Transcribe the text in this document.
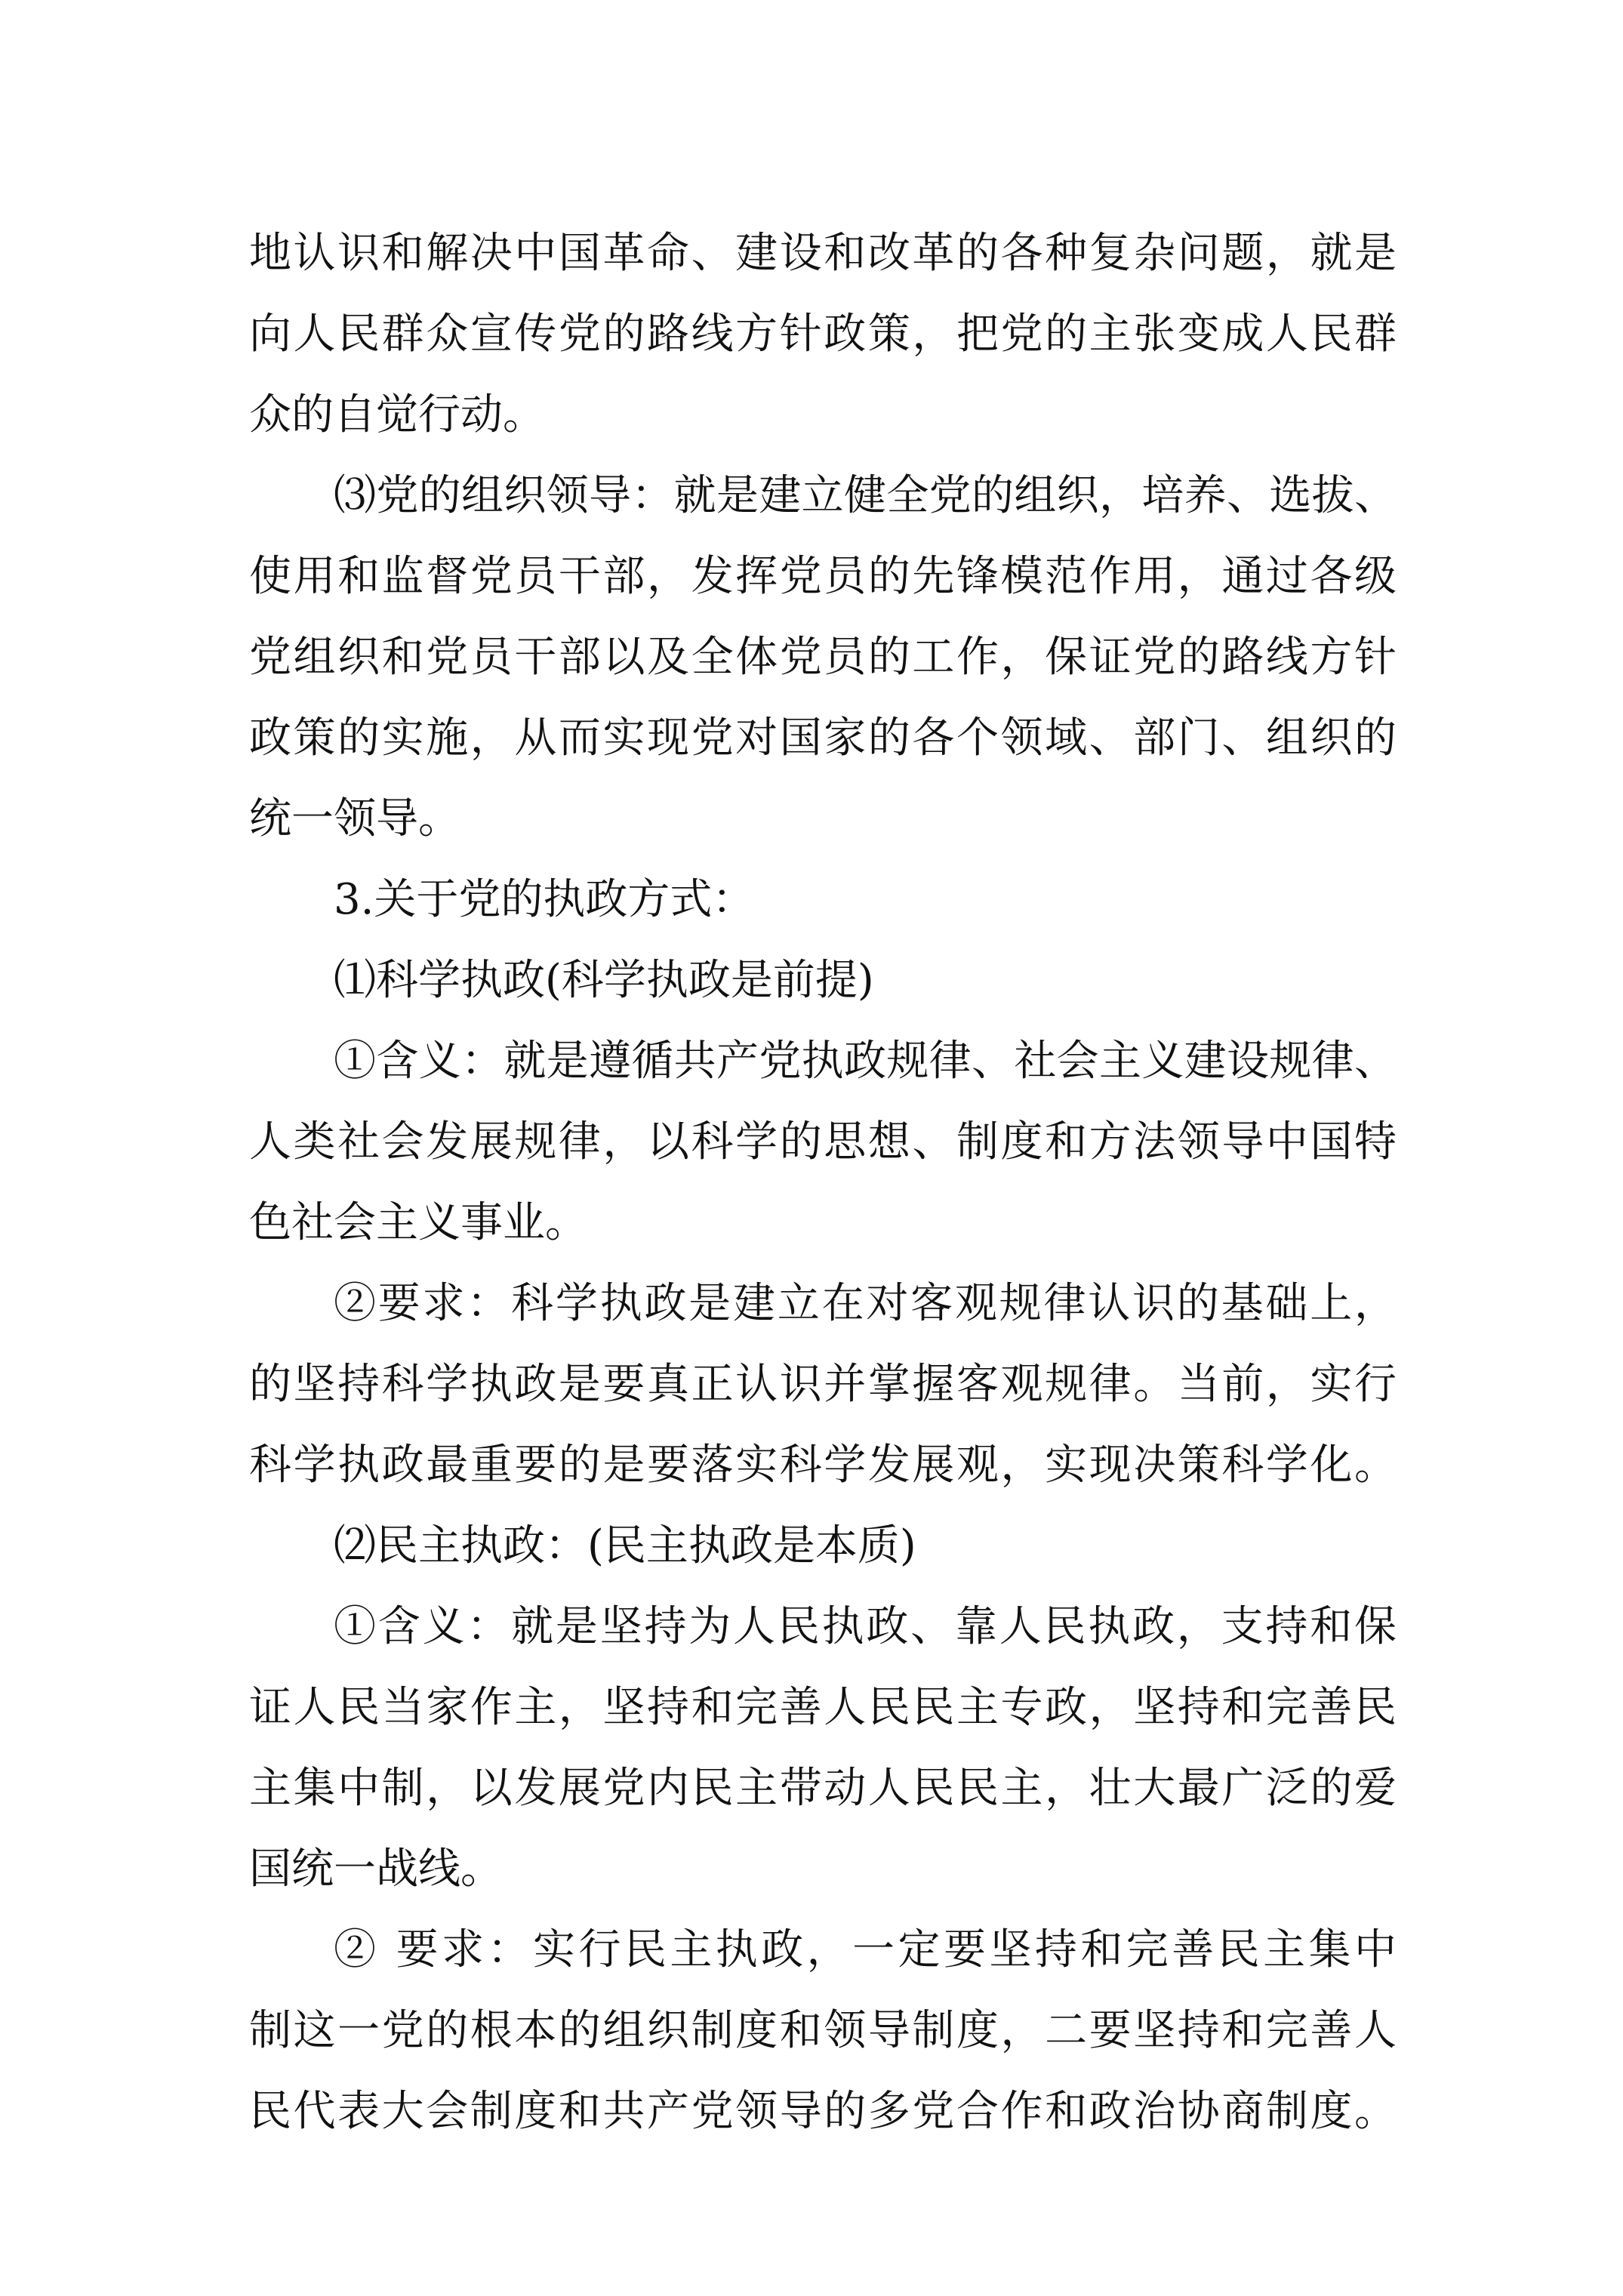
地认识和解决中国革命、建设和改革的各种复杂问题，就是
向人民群众宣传党的路线方针政策，把党的主张变成人民群
众的自觉行动。
⑶党的组织领导：就是建立健全党的组织，培养、选拔、
使用和监督党员干部，发挥党员的先锋模范作用，通过各级
党组织和党员干部以及全体党员的工作，保证党的路线方针
政策的实施，从而实现党对国家的各个领域、部门、组织的
统一领导。
3.关于党的执政方式：
⑴科学执政(科学执政是前提)
①含义：就是遵循共产党执政规律、社会主义建设规律、
人类社会发展规律，以科学的思想、制度和方法领导中国特
色社会主义事业。
②要求：科学执政是建立在对客观规律认识的基础上，
的坚持科学执政是要真正认识并掌握客观规律。当前，实行
科学执政最重要的是要落实科学发展观，实现决策科学化。
⑵民主执政：(民主执政是本质)
①含义：就是坚持为人民执政、靠人民执政，支持和保
证人民当家作主，坚持和完善人民民主专政，坚持和完善民
主集中制，以发展党内民主带动人民民主，壮大最广泛的爱
国统一战线。
② 要求：实行民主执政，一定要坚持和完善民主集中
制这一党的根本的组织制度和领导制度，二要坚持和完善人
民代表大会制度和共产党领导的多党合作和政治协商制度。
